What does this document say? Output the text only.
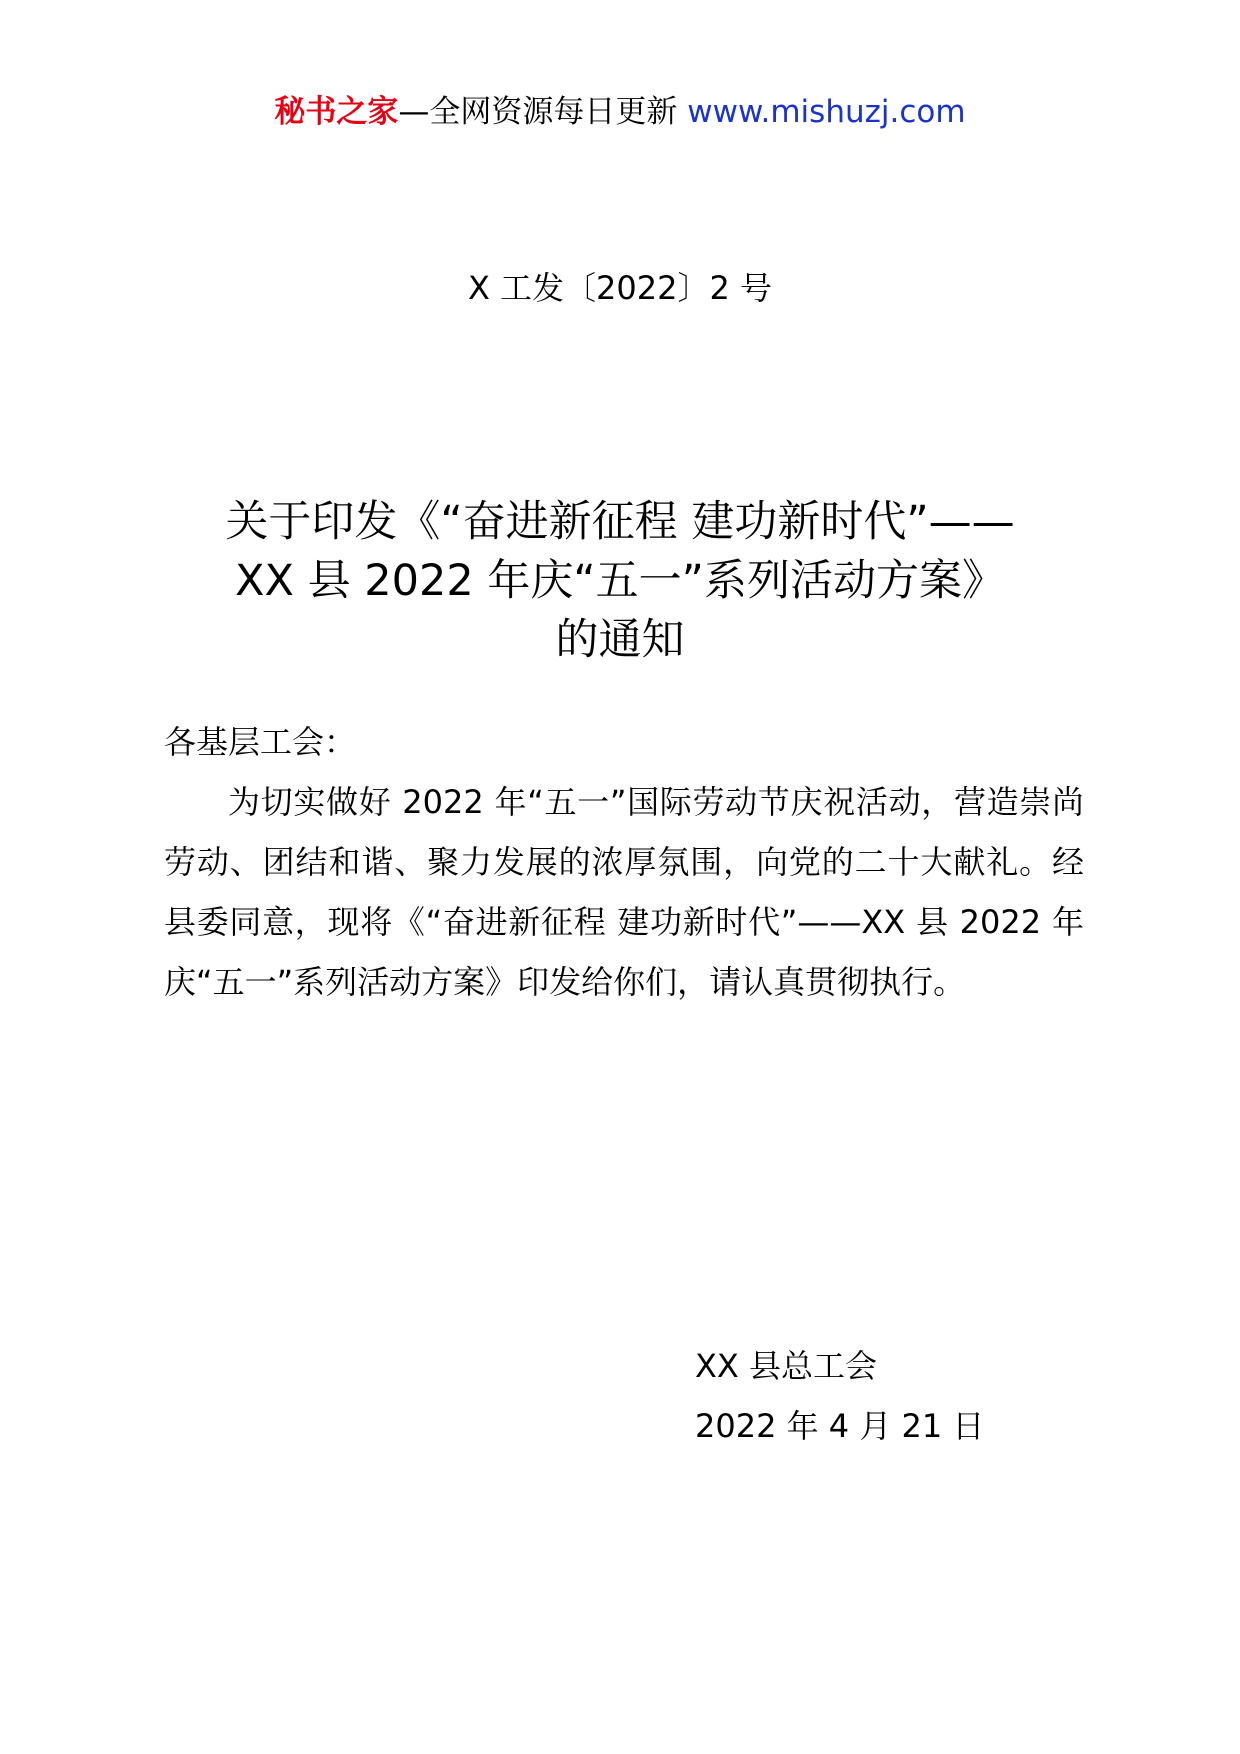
秘书之家—全网资源每日更新 www.mishuzj.com
X 工发〔2022〕2 号
关于印发《“奋进新征程 建功新时代”——
XX 县 2022 年庆“五一”系列活动方案》
的通知
各基层工会：
为切实做好 2022 年“五一”国际劳动节庆祝活动，营造崇尚劳动、团结和谐、聚力发展的浓厚氛围，向党的二十大献礼。经县委同意，现将《“奋进新征程 建功新时代”——XX 县 2022 年庆“五一”系列活动方案》印发给你们，请认真贯彻执行。
XX 县总工会
2022 年 4 月 21 日
